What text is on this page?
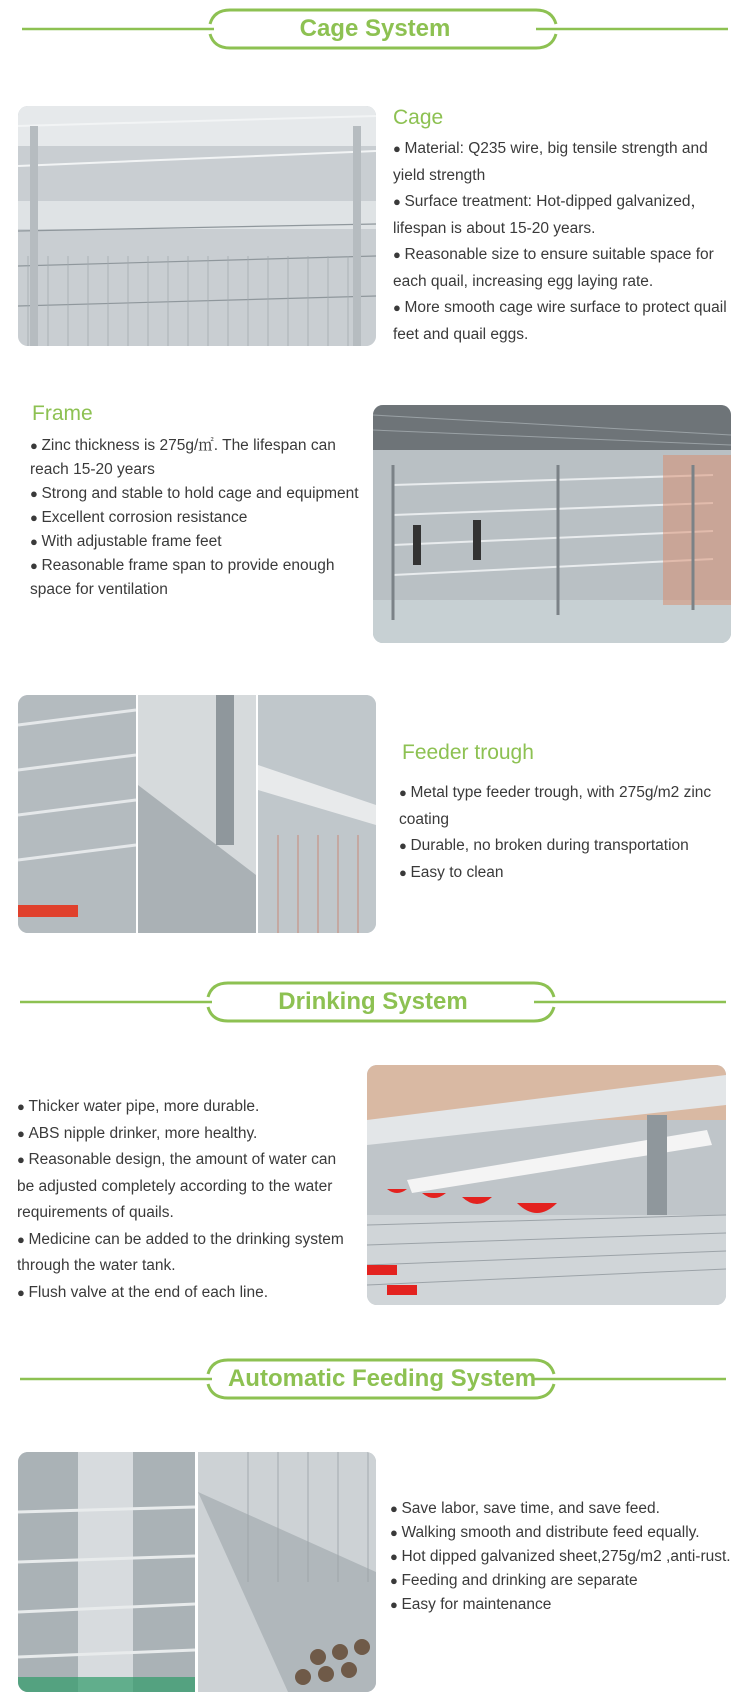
Cage System
Cage
● Material: Q235 wire, big tensile strength and yield strength
● Surface treatment: Hot-dipped galvanized，lifespan is about 15-20 years.
● Reasonable size to ensure suitable space for each quail, increasing egg laying rate.
● More smooth cage wire surface to protect quail feet and quail eggs.
Frame
● Zinc thickness is 275g/㎡. The lifespan can reach 15-20 years
● Strong and stable to hold cage and equipment
● Excellent corrosion resistance
● With adjustable frame feet
● Reasonable frame span to provide enough space for ventilation
Feeder trough
● Metal type feeder trough, with 275g/m2 zinc coating
● Durable, no broken during transportation
● Easy to clean
Drinking System
● Thicker water pipe, more durable.
● ABS nipple drinker, more healthy.
● Reasonable design, the amount of water can be adjusted completely according to the water requirements of quails.
● Medicine can be added to the drinking system through the water tank.
● Flush valve at the end of each line.
Automatic Feeding System
● Save labor, save time, and save feed.
● Walking smooth and distribute feed equally.
● Hot dipped galvanized sheet,275g/m2 ,anti-rust.
● Feeding and drinking are separate
● Easy for maintenance
